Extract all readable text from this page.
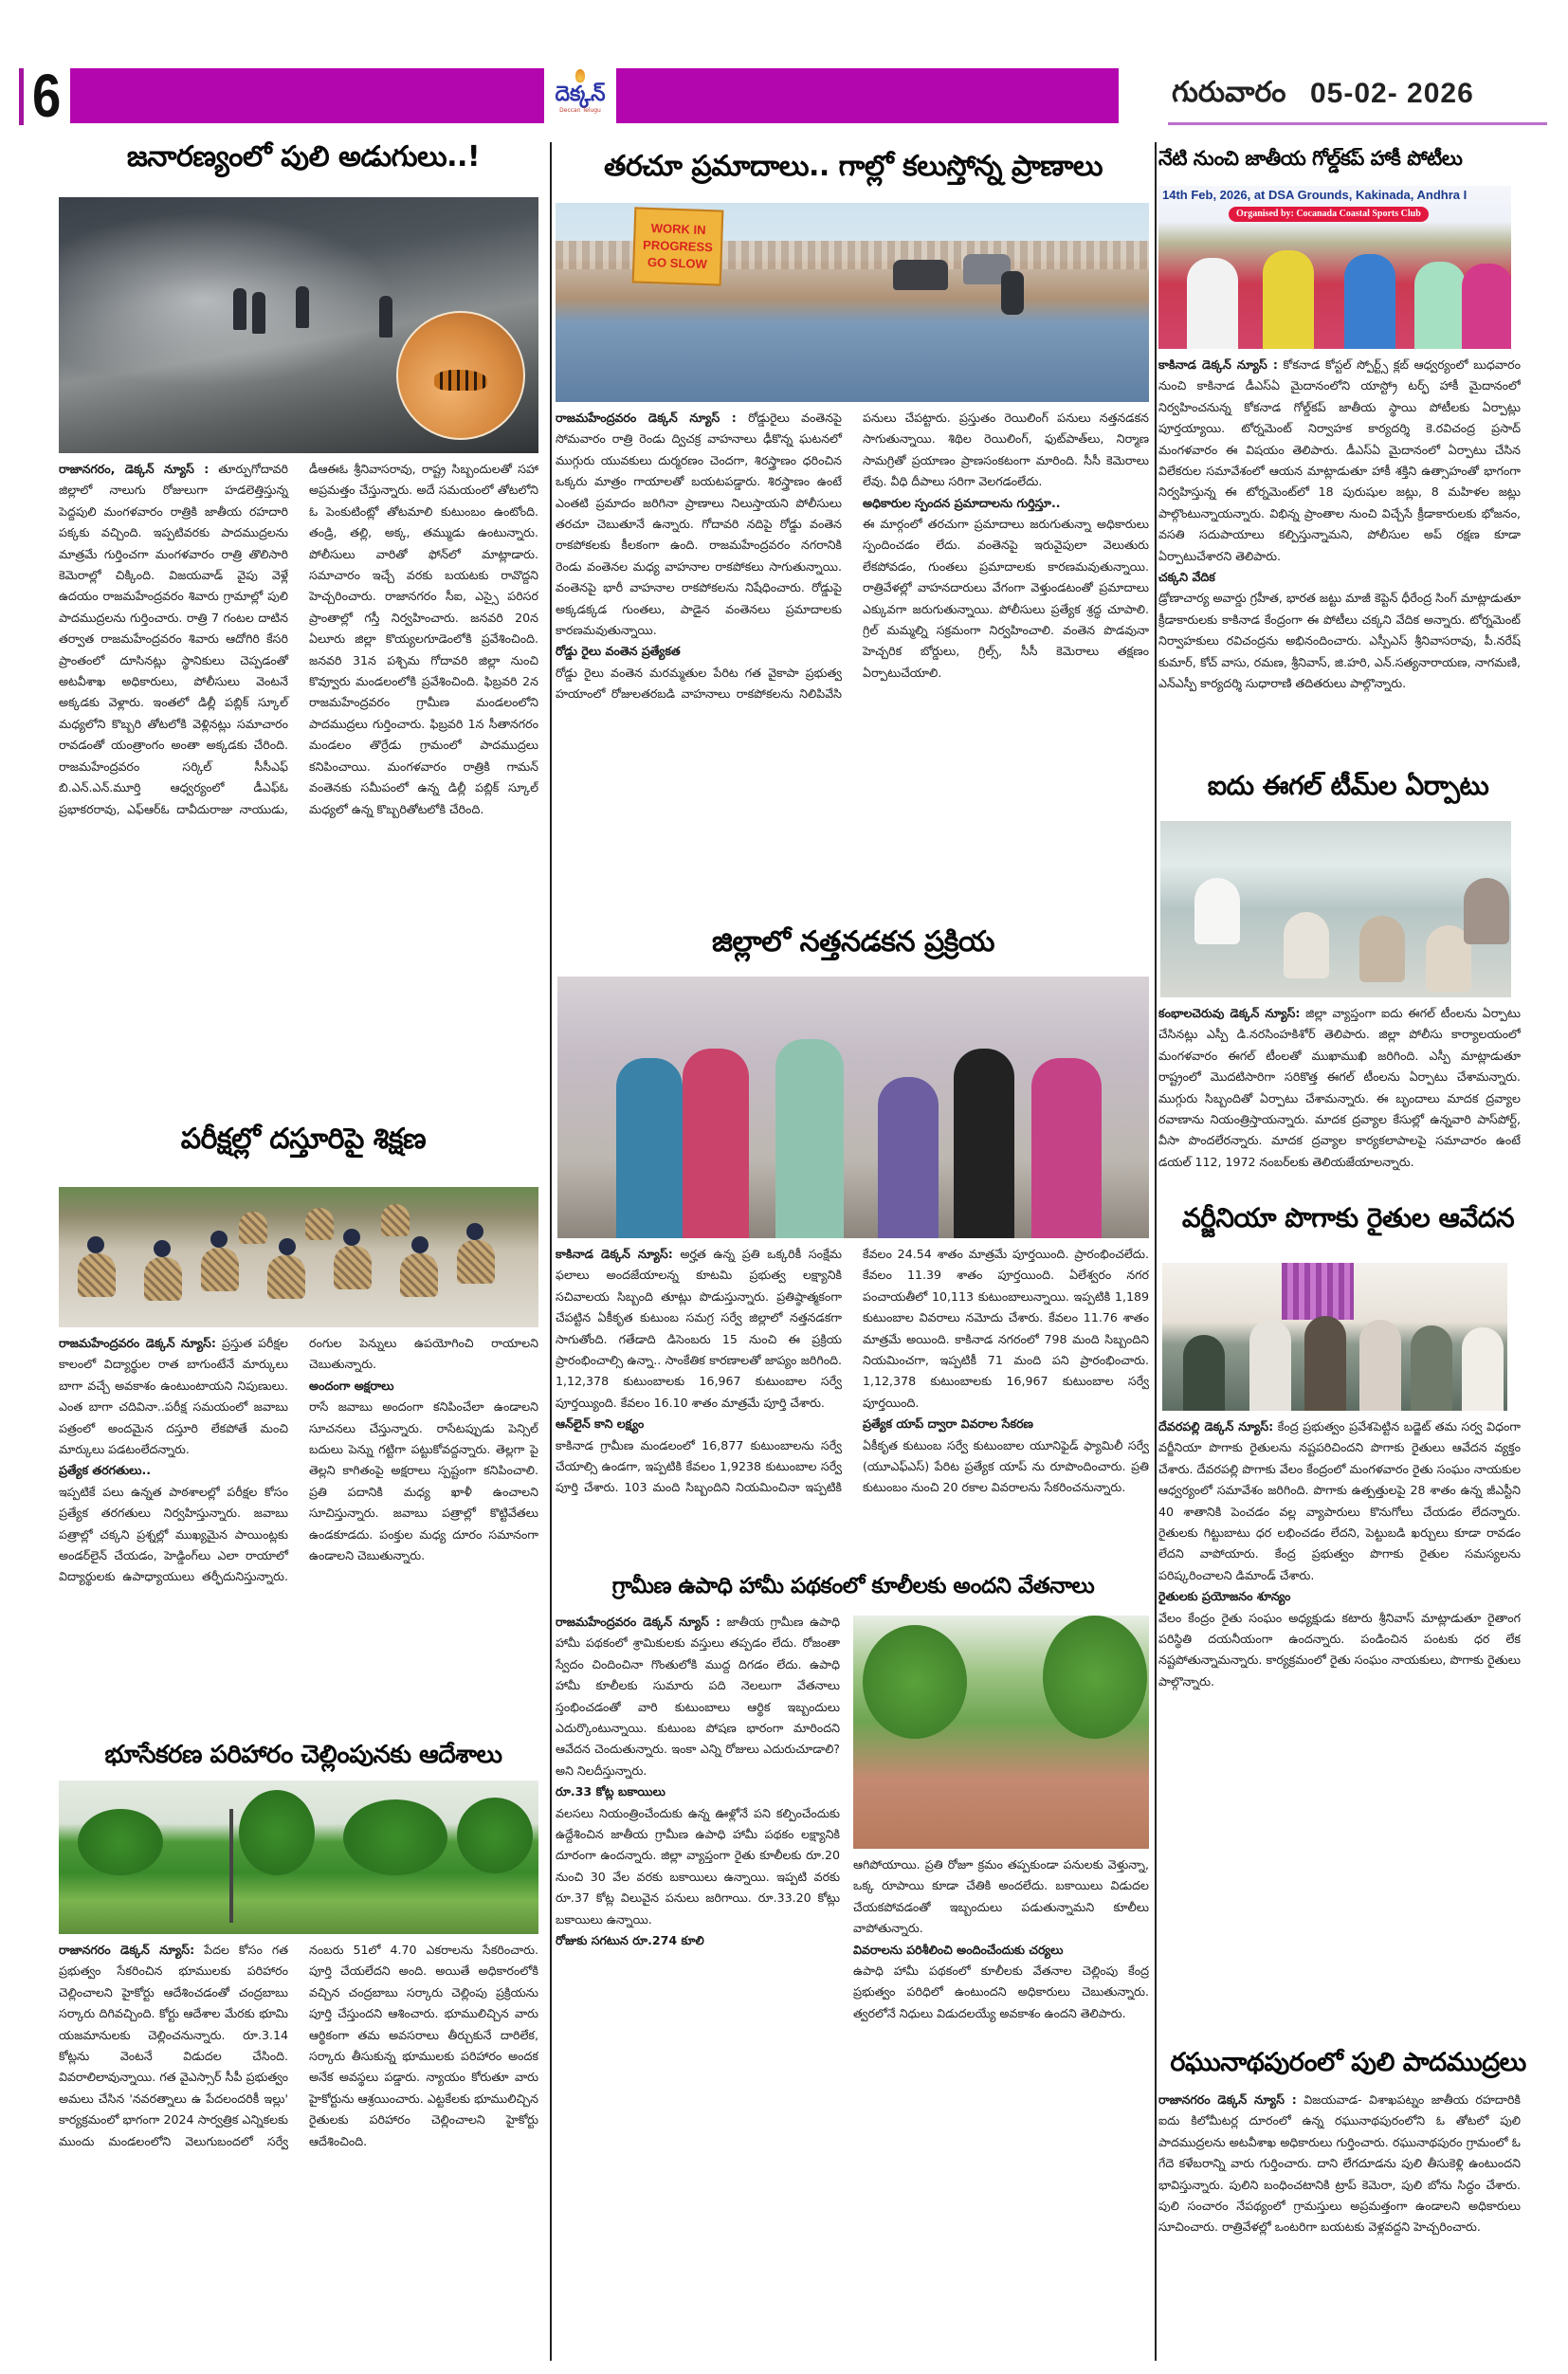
6	దెక్కన్
Deccan Telugu
గురువారం 05-02- 2026
జనారణ్యంలో పులి అడుగులు..!
రాజానగరం, డెక్కన్ న్యూస్ : తూర్పుగోదావరి జిల్లాలో నాలుగు రోజులుగా హడలెత్తిస్తున్న పెద్దపులి మంగళవారం రాత్రికి జాతీయ రహదారి పక్కకు వచ్చింది. ఇప్పటివరకు పాదముద్రలను మాత్రమే గుర్తించగా మంగళవారం రాత్రి తొలిసారి కెమెరాల్లో చిక్కింది. విజయవాడ్ వైపు వెళ్లే ఉదయం రాజమహేంద్రవరం శివారు గ్రామాల్లో పులి పాదముద్రలను గుర్తించారు. రాత్రి 7 గంటల దాటిన తర్వాత రాజమహేంద్రవరం శివారు ఆదోగిరి కేసరి ప్రాంతంలో దూసినట్లు స్థానికులు చెప్పడంతో అటవీశాఖ అధికారులు, పోలీసులు వెంటనే అక్కడకు వెళ్లారు. ఇంతలో డిల్లీ పబ్లిక్ స్కూల్ మధ్యలోని కొబ్బరి తోటలోకి వెళ్లినట్లు సమాచారం రావడంతో యంత్రాంగం అంతా అక్కడకు చేరింది. రాజమహేంద్రవరం సర్కిల్ సీసీఎఫ్ బి.ఎన్.ఎన్.మూర్తి ఆధ్వర్యంలో డీఎఫ్ఓ ప్రభాకరరావు, ఎఫ్ఆర్ఓ దావీదురాజు నాయుడు, డీఆఈఓ శ్రీనివాసరావు, రాష్ట్ర సిబ్బందులతో సహా అప్రమత్తం చేస్తున్నారు. అదే సమయంలో తోటలోని ఓ పెంకుటింట్లో తోటమాలి కుటుంబం ఉంటోంది. తండ్రి, తల్లి, అక్క, తమ్ముడు ఉంటున్నారు. పోలీసులు వారితో ఫోన్‌లో మాట్లాడారు. సమాచారం ఇచ్చే వరకు బయటకు రావొద్దని హెచ్చరించారు. రాజానగరం సీఐ, ఎస్సై పరిసర ప్రాంతాల్లో గస్తీ నిర్వహించారు. జనవరి 20న ఏలూరు జిల్లా కొయ్యలగూడెంలోకి ప్రవేశించింది. జనవరి 31న పశ్చిమ గోదావరి జిల్లా నుంచి కొవ్వూరు మండలంలోకి ప్రవేశించింది. ఫిబ్రవరి 2న రాజమహేంద్రవరం గ్రామీణ మండలంలోని పాదముద్రలు గుర్తించారు. ఫిబ్రవరి 1న సీతానగరం మండలం తొర్రేడు గ్రామంలో పాదముద్రలు కనిపించాయి. మంగళవారం రాత్రికి గామన్ వంతెనకు సమీపంలో ఉన్న డిల్లీ పబ్లిక్ స్కూల్ మధ్యలో ఉన్న కొబ్బరితోటలోకి చేరింది.
పరీక్షల్లో దస్తూరిపై శిక్షణ
రాజమహేంద్రవరం డెక్కన్ న్యూస్: ప్రస్తుత పరీక్షల కాలంలో విద్యార్థుల రాత బాగుంటేనే మార్కులు బాగా వచ్చే అవకాశం ఉంటుంటాయని నిపుణులు. ఎంత బాగా చదివినా..పరీక్ష సమయంలో జవాబు పత్రంలో అందమైన దస్తూరి లేకపోతే మంచి మార్కులు పడటంలేదన్నారు.
ప్రత్యేక తరగతులు..
ఇప్పటికే పలు ఉన్నత పాఠశాలల్లో పరీక్షల కోసం ప్రత్యేక తరగతులు నిర్వహిస్తున్నారు. జవాబు పత్రాల్లో చక్కని ప్రశ్నల్లో ముఖ్యమైన పాయింట్లకు అండర్‌లైన్ చేయడం, హెడ్డింగ్‌లు ఎలా రాయాలో విద్యార్థులకు ఉపాధ్యాయులు తర్ఫీదునిస్తున్నారు. రంగుల పెన్నులు ఉపయోగించి రాయాలని చెబుతున్నారు.
అందంగా అక్షరాలు
రాసే జవాబు అందంగా కనిపించేలా ఉండాలని సూచనలు చేస్తున్నారు. రాసేటప్పుడు పెన్సిల్ బదులు పెన్ను గట్టిగా పట్టుకోవద్దన్నారు. తెల్లగా పై తెల్లని కాగితంపై అక్షరాలు స్పష్టంగా కనిపించాలి. ప్రతి పదానికి మధ్య ఖాళీ ఉంచాలని సూచిస్తున్నారు. జవాబు పత్రాల్లో కొట్టివేతలు ఉండకూడదు. పంక్తుల మధ్య దూరం సమానంగా ఉండాలని చెబుతున్నారు.
భూసేకరణ పరిహారం చెల్లింపునకు ఆదేశాలు
రాజానగరం డెక్కన్ న్యూస్: పేదల కోసం గత ప్రభుత్వం సేకరించిన భూములకు పరిహారం చెల్లించాలని హైకోర్టు ఆదేశించడంతో చంద్రబాబు సర్కారు దిగివచ్చింది. కోర్టు ఆదేశాల మేరకు భూమి యజమానులకు చెల్లించనున్నారు. రూ.3.14 కోట్లను వెంటనే విడుదల చేసింది. వివరాలిలావున్నాయి. గత వైఎస్సార్ సీపీ ప్రభుత్వం అమలు చేసిన 'నవరత్నాలు ఉ పేదలందరికీ ఇల్లు' కార్యక్రమంలో భాగంగా 2024 సార్వత్రిక ఎన్నికలకు ముందు మండలంలోని వెలుగుబందలో సర్వే నంబరు 51లో 4.70 ఎకరాలను సేకరించారు. పూర్తి చేయలేదని అంది. అయితే అధికారంలోకి వచ్చిన చంద్రబాబు సర్కారు చెల్లింపు ప్రక్రియను పూర్తి చేస్తుందని ఆశించారు. భూములిచ్చిన వారు ఆర్థికంగా తమ అవసరాలు తీర్చుకునే దారిలేక, సర్కారు తీసుకున్న భూములకు పరిహారం అందక అనేక అవస్థలు పడ్డారు. న్యాయం కోరుతూ వారు హైకోర్టును ఆశ్రయించారు. ఎట్టకేలకు భూములిచ్చిన రైతులకు పరిహారం చెల్లించాలని హైకోర్టు ఆదేశించింది.
తరచూ ప్రమాదాలు.. గాల్లో కలుస్తోన్న ప్రాణాలు
WORK IN
PROGRESS
GO SLOW
రాజమహేంద్రవరం డెక్కన్ న్యూస్ : రోడ్డురైలు వంతెనపై సోమవారం రాత్రి రెండు ద్విచక్ర వాహనాలు ఢీకొన్న ఘటనలో ముగ్గురు యువకులు దుర్మరణం చెందగా, శిరస్త్రాణం ధరించిన ఒక్కరు మాత్రం గాయాలతో బయటపడ్డారు. శిరస్త్రాణం ఉంటే ఎంతటి ప్రమాదం జరిగినా ప్రాణాలు నిలుస్తాయని పోలీసులు తరచూ చెబుతూనే ఉన్నారు. గోదావరి నదిపై రోడ్డు వంతెన రాకపోకలకు కీలకంగా ఉంది. రాజమహేంద్రవరం నగరానికి రెండు వంతెనల మధ్య వాహనాల రాకపోకలు సాగుతున్నాయి. వంతెనపై భారీ వాహనాల రాకపోకలను నిషేధించారు. రోడ్డుపై అక్కడక్కడ గుంతలు, పాడైన వంతెనలు ప్రమాదాలకు కారణమవుతున్నాయి.
రోడ్డు రైలు వంతెన ప్రత్యేకత
రోడ్డు రైలు వంతెన మరమ్మతుల పేరిట గత వైకాపా ప్రభుత్వ హయాంలో రోజులతరబడి వాహనాలు రాకపోకలను నిలిపివేసి పనులు చేపట్టారు. ప్రస్తుతం రెయిలింగ్ పనులు నత్తనడకన సాగుతున్నాయి. శిథిల రెయిలింగ్, ఫుట్‌పాత్‌లు, నిర్మాణ సామగ్రితో ప్రయాణం ప్రాణసంకటంగా మారింది. సీసీ కెమెరాలు లేవు. వీధి దీపాలు సరిగా వెలగడంలేదు.
అధికారుల స్పందన ప్రమాదాలను గుర్తిస్తూ..
ఈ మార్గంలో తరచుగా ప్రమాదాలు జరుగుతున్నా అధికారులు స్పందించడం లేదు. వంతెనపై ఇరువైపులా వెలుతురు లేకపోవడం, గుంతలు ప్రమాదాలకు కారణమవుతున్నాయి. రాత్రివేళల్లో వాహనదారులు వేగంగా వెళ్తుండటంతో ప్రమాదాలు ఎక్కువగా జరుగుతున్నాయి. పోలీసులు ప్రత్యేక శ్రద్ధ చూపాలి. గ్రిల్ మమ్మల్ని సక్రమంగా నిర్వహించాలి. వంతెన పొడవునా హెచ్చరిక బోర్డులు, గ్రిల్స్, సీసీ కెమెరాలు తక్షణం ఏర్పాటుచేయాలి.
జిల్లాలో నత్తనడకన ప్రక్రియ
కాకినాడ డెక్కన్ న్యూస్: అర్హత ఉన్న ప్రతి ఒక్కరికీ సంక్షేమ ఫలాలు అందజేయాలన్న కూటమి ప్రభుత్వ లక్ష్యానికి సచివాలయ సిబ్బంది తూట్లు పొడుస్తున్నారు. ప్రతిష్ఠాత్మకంగా చేపట్టిన ఏకీకృత కుటుంబ సమగ్ర సర్వే జిల్లాలో నత్తనడకగా సాగుతోంది. గతేడాది డిసెంబరు 15 నుంచి ఈ ప్రక్రియ ప్రారంభించాల్సి ఉన్నా.. సాంకేతిక కారణాలతో జాప్యం జరిగింది. 1,12,378 కుటుంబాలకు 16,967 కుటుంబాల సర్వే పూర్తయ్యింది. కేవలం 16.10 శాతం మాత్రమే పూర్తి చేశారు.
ఆన్‌లైన్ కాని లక్ష్యం
కాకినాడ గ్రామీణ మండలంలో 16,877 కుటుంబాలను సర్వే చేయాల్సి ఉండగా, ఇప్పటికి కేవలం 1,9238 కుటుంబాల సర్వే పూర్తి చేశారు. 103 మంది సిబ్బందిని నియమించినా ఇప్పటికి కేవలం 24.54 శాతం మాత్రమే పూర్తయింది. ప్రారంభించలేదు. కేవలం 11.39 శాతం పూర్తయింది. ఏలేశ్వరం నగర పంచాయతీలో 10,113 కుటుంబాలున్నాయి. ఇప్పటికి 1,189 కుటుంబాల వివరాలు నమోదు చేశారు. కేవలం 11.76 శాతం మాత్రమే అయింది. కాకినాడ నగరంలో 798 మంది సిబ్బందిని నియమించగా, ఇప్పటికీ 71 మంది పని ప్రారంభించారు. 1,12,378 కుటుంబాలకు 16,967 కుటుంబాల సర్వే పూర్తయింది.
ప్రత్యేక యాప్ ద్వారా వివరాల సేకరణ
ఏకీకృత కుటుంబ సర్వే కుటుంబాల యూనిఫైడ్ ఫ్యామిలీ సర్వే (యూఎఫ్ఎస్) పేరిట ప్రత్యేక యాప్ ను రూపొందించారు. ప్రతి కుటుంబం నుంచి 20 రకాల వివరాలను సేకరించనున్నారు.
గ్రామీణ ఉపాధి హామీ పథకంలో కూలీలకు అందని వేతనాలు
రాజమహేంద్రవరం డెక్కన్ న్యూస్ : జాతీయ గ్రామీణ ఉపాధి హామీ పథకంలో శ్రామికులకు వస్తులు తప్పడం లేదు. రోజంతా స్వేదం చిందించినా గొంతులోకి ముద్ద దిగడం లేదు. ఉపాధి హామీ కూలీలకు సుమారు పది నెలలుగా వేతనాలు స్తంభించడంతో వారి కుటుంబాలు ఆర్థిక ఇబ్బందులు ఎదుర్కొంటున్నాయి. కుటుంబ పోషణ భారంగా మారిందని ఆవేదన చెందుతున్నారు. ఇంకా ఎన్ని రోజులు ఎదురుచూడాలి? అని నిలదీస్తున్నారు.
రూ.33 కోట్ల బకాయిలు
వలసలు నియంత్రించేందుకు ఉన్న ఊళ్లోనే పని కల్పించేందుకు ఉద్దేశించిన జాతీయ గ్రామీణ ఉపాధి హామీ పథకం లక్ష్యానికి దూరంగా ఉందన్నారు. జిల్లా వ్యాప్తంగా రైతు కూలీలకు రూ.20 నుంచి 30 వేల వరకు బకాయిలు ఉన్నాయి. ఇప్పటి వరకు రూ.37 కోట్ల విలువైన పనులు జరిగాయి. రూ.33.20 కోట్లు బకాయిలు ఉన్నాయి.
రోజుకు సగటున రూ.274 కూలి
ఆగిపోయాయి. ప్రతి రోజూ క్రమం తప్పకుండా పనులకు వెళ్తున్నా, ఒక్క రూపాయి కూడా చేతికి అందలేదు. బకాయిలు విడుదల చేయకపోవడంతో ఇబ్బందులు పడుతున్నామని కూలీలు వాపోతున్నారు.
వివరాలను పరిశీలించి అందించేందుకు చర్యలు
ఉపాధి హామీ పథకంలో కూలీలకు వేతనాల చెల్లింపు కేంద్ర ప్రభుత్వం పరిధిలో ఉంటుందని అధికారులు చెబుతున్నారు. త్వరలోనే నిధులు విడుదలయ్యే అవకాశం ఉందని తెలిపారు.
నేటి నుంచి జాతీయ గోల్డ్‌కప్ హాకీ పోటీలు
14th Feb, 2026, at DSA Grounds, Kakinada, Andhra I
Organised by: Cocanada Coastal Sports Club
కాకినాడ డెక్కన్ న్యూస్ : కోకనాడ కోస్టల్ స్పోర్ట్స్ క్లబ్ ఆధ్వర్యంలో బుధవారం నుంచి కాకినాడ డీఎస్ఏ మైదానంలోని యాస్ట్రో టర్ఫ్ హాకీ మైదానంలో నిర్వహించనున్న కోకనాడ గోల్డ్‌కప్ జాతీయ స్థాయి పోటీలకు ఏర్పాట్లు పూర్తయ్యాయి. టోర్నమెంట్ నిర్వాహక కార్యదర్శి కె.రవిచంద్ర ప్రసాద్ మంగళవారం ఈ విషయం తెలిపారు. డీఎస్ఏ మైదానంలో ఏర్పాటు చేసిన విలేకరుల సమావేశంలో ఆయన మాట్లాడుతూ హాకీ శక్తిని ఉత్సాహంతో భాగంగా నిర్వహిస్తున్న ఈ టోర్నమెంట్‌లో 18 పురుషుల జట్లు, 8 మహిళల జట్లు పాల్గొంటున్నాయన్నారు. విభిన్న ప్రాంతాల నుంచి విచ్చేసే క్రీడాకారులకు భోజనం, వసతి సదుపాయాలు కల్పిస్తున్నామని, పోలీసుల అప్ రక్షణ కూడా ఏర్పాటుచేశారని తెలిపారు.
చక్కని వేదిక
డ్రోణాచార్య అవార్డు గ్రహీత, భారత జట్టు మాజీ కెప్టెన్ ధీరేంద్ర సింగ్ మాట్లాడుతూ క్రీడాకారులకు కాకినాడ కేంద్రంగా ఈ పోటీలు చక్కని వేదిక అన్నారు. టోర్నమెంట్ నిర్వాహకులు రవిచంద్రను అభినందించారు. ఎస్పీఎస్ శ్రీనివాసరావు, పీ.నరేష్ కుమార్, కోచ్ వాసు, రమణ, శ్రీనివాస్, జి.హరి, ఎన్.సత్యనారాయణ, నాగమణి, ఎన్ఎస్పీ కార్యదర్శి సుధారాణి తదితరులు పాల్గొన్నారు.
ఐదు ఈగల్ టీమ్‌ల ఏర్పాటు
కంభాలచెరువు డెక్కన్ న్యూస్: జిల్లా వ్యాప్తంగా ఐదు ఈగల్ టీంలను ఏర్పాటు చేసినట్లు ఎస్పీ డి.నరసింహకిశోర్ తెలిపారు. జిల్లా పోలీసు కార్యాలయంలో మంగళవారం ఈగల్ టీంలతో ముఖాముఖి జరిగింది. ఎస్పీ మాట్లాడుతూ రాష్ట్రంలో మొదటిసారిగా సరికొత్త ఈగల్ టీంలను ఏర్పాటు చేశామన్నారు. ముగ్గురు సిబ్బందితో ఏర్పాటు చేశామన్నారు. ఈ బృందాలు మాదక ద్రవ్యాల రవాణాను నియంత్రిస్తాయన్నారు. మాదక ద్రవ్యాల కేసుల్లో ఉన్నవారి పాస్‌పోర్ట్, వీసా పొందలేరన్నారు. మాదక ద్రవ్యాల కార్యకలాపాలపై సమాచారం ఉంటే డయల్ 112, 1972 నంబర్‌లకు తెలియజేయాలన్నారు.
వర్జీనియా పొగాకు రైతుల ఆవేదన
దేవరపల్లి డెక్కన్ న్యూస్: కేంద్ర ప్రభుత్వం ప్రవేశపెట్టిన బడ్జెట్ తమ సర్వ విధంగా వర్జీనియా పొగాకు రైతులను నష్టపరిచిందని పొగాకు రైతులు ఆవేదన వ్యక్తం చేశారు. దేవరపల్లి పొగాకు వేలం కేంద్రంలో మంగళవారం రైతు సంఘం నాయకుల ఆధ్వర్యంలో సమావేశం జరిగింది. పొగాకు ఉత్పత్తులపై 28 శాతం ఉన్న జీఎస్టీని 40 శాతానికి పెంచడం వల్ల వ్యాపారులు కొనుగోలు చేయడం లేదన్నారు. రైతులకు గిట్టుబాటు ధర లభించడం లేదని, పెట్టుబడి ఖర్చులు కూడా రావడం లేదని వాపోయారు. కేంద్ర ప్రభుత్వం పొగాకు రైతుల సమస్యలను పరిష్కరించాలని డిమాండ్ చేశారు.
రైతులకు ప్రయోజనం శూన్యం
వేలం కేంద్రం రైతు సంఘం అధ్యక్షుడు కటారు శ్రీనివాస్ మాట్లాడుతూ రైతాంగ పరిస్థితి దయనీయంగా ఉందన్నారు. పండించిన పంటకు ధర లేక నష్టపోతున్నామన్నారు. కార్యక్రమంలో రైతు సంఘం నాయకులు, పొగాకు రైతులు పాల్గొన్నారు.
రఘునాథపురంలో పులి పాదముద్రలు
రాజానగరం డెక్కన్ న్యూస్ : విజయవాడ- విశాఖపట్నం జాతీయ రహదారికి ఐదు కిలోమీటర్ల దూరంలో ఉన్న రఘునాథపురంలోని ఓ తోటలో పులి పాదముద్రలను అటవీశాఖ అధికారులు గుర్తించారు. రఘునాథపురం గ్రామంలో ఓ గేదె కళేబరాన్ని వారు గుర్తించారు. దాని లేగదూడను పులి తీసుకెళ్లి ఉంటుందని భావిస్తున్నారు. పులిని బంధించటానికి ట్రాప్ కెమెరా, పులి బోను సిద్ధం చేశారు. పులి సంచారం నేపథ్యంలో గ్రామస్తులు అప్రమత్తంగా ఉండాలని అధికారులు సూచించారు. రాత్రివేళల్లో ఒంటరిగా బయటకు వెళ్లవద్దని హెచ్చరించారు.
